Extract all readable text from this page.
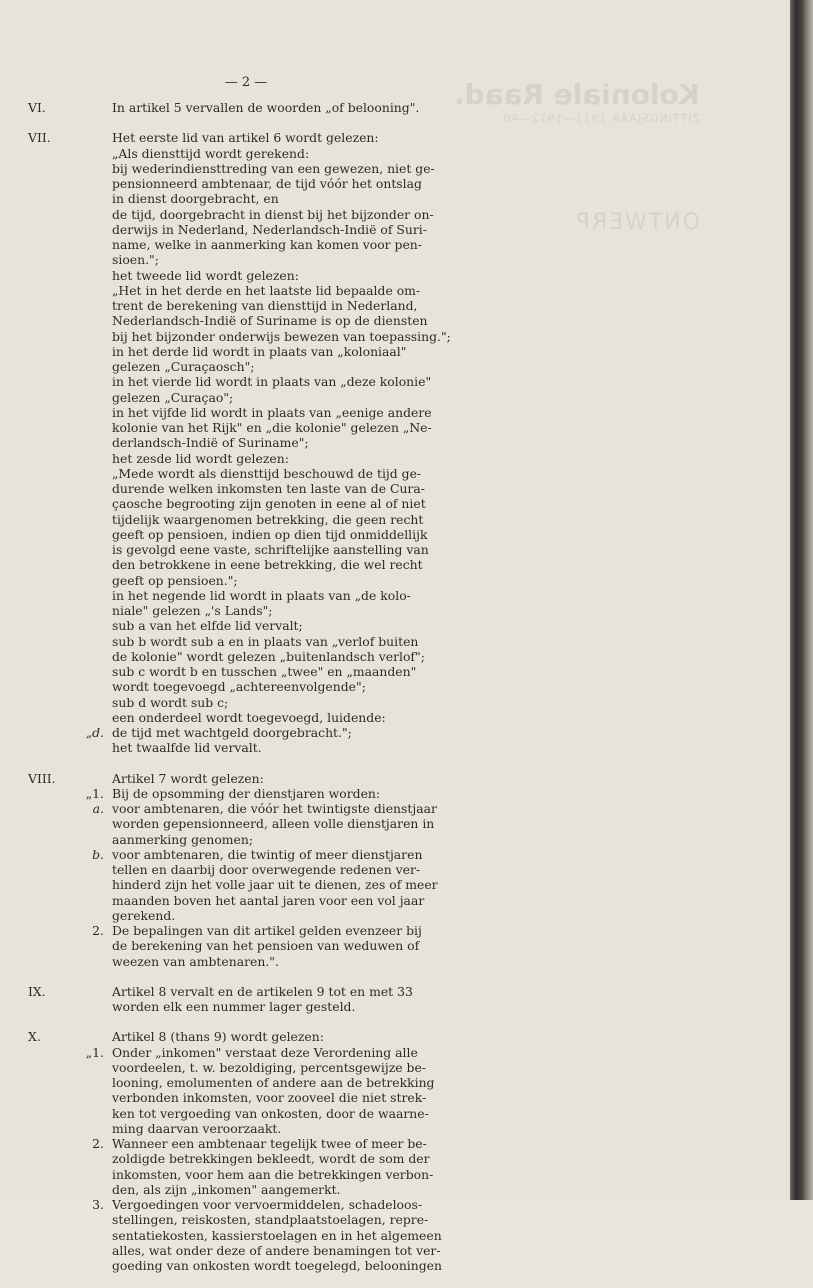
Koloniale Raad.
ZITTINGSJAAR 1911—1912—40.
ONTWERP
— 2 —
VI.	In artikel 5 vervallen de woorden „of belooning".
VII.	Het eerste lid van artikel 6 wordt gelezen:
„Als diensttijd wordt gerekend:
bij wederindiensttreding van een gewezen, niet ge-
pensionneerd ambtenaar, de tijd vóór het ontslag
in dienst doorgebracht, en
de tijd, doorgebracht in dienst bij het bijzonder on-
derwijs in Nederland, Nederlandsch-Indië of Suri-
name, welke in aanmerking kan komen voor pen-
sioen.";
het tweede lid wordt gelezen:
„Het in het derde en het laatste lid bepaalde om-
trent de berekening van diensttijd in Nederland,
Nederlandsch-Indië of Suriname is op de diensten
bij het bijzonder onderwijs bewezen van toepassing.";
in het derde lid wordt in plaats van „koloniaal"
gelezen „Curaçaosch";
in het vierde lid wordt in plaats van „deze kolonie"
gelezen „Curaçao";
in het vijfde lid wordt in plaats van „eenige andere
kolonie van het Rijk" en „die kolonie" gelezen „Ne-
derlandsch-Indië of Suriname";
het zesde lid wordt gelezen:
„Mede wordt als diensttijd beschouwd de tijd ge-
durende welken inkomsten ten laste van de Cura-
çaosche begrooting zijn genoten in eene al of niet
tijdelijk waargenomen betrekking, die geen recht
geeft op pensioen, indien op dien tijd onmiddellijk
is gevolgd eene vaste, schriftelijke aanstelling van
den betrokkene in eene betrekking, die wel recht
geeft op pensioen.";
in het negende lid wordt in plaats van „de kolo-
niale" gelezen „'s Lands";
sub a van het elfde lid vervalt;
sub b wordt sub a en in plaats van „verlof buiten
de kolonie" wordt gelezen „buitenlandsch verlof";
sub c wordt b en tusschen „twee" en „maanden"
wordt toegevoegd „achtereenvolgende";
sub d wordt sub c;
een onderdeel wordt toegevoegd, luidende:
„d. de tijd met wachtgeld doorgebracht.";
het twaalfde lid vervalt.
VIII.	Artikel 7 wordt gelezen:
„1. Bij de opsomming der dienstjaren worden:
a. voor ambtenaren, die vóór het twintigste dienstjaar
worden gepensionneerd, alleen volle dienstjaren in
aanmerking genomen;
b. voor ambtenaren, die twintig of meer dienstjaren
tellen en daarbij door overwegende redenen ver-
hinderd zijn het volle jaar uit te dienen, zes of meer
maanden boven het aantal jaren voor een vol jaar
gerekend.
2. De bepalingen van dit artikel gelden evenzeer bij
de berekening van het pensioen van weduwen of
weezen van ambtenaren.".
IX.	Artikel 8 vervalt en de artikelen 9 tot en met 33
worden elk een nummer lager gesteld.
X.	Artikel 8 (thans 9) wordt gelezen:
„1. Onder „inkomen" verstaat deze Verordening alle
voordeelen, t. w. bezoldiging, percentsgewijze be-
looning, emolumenten of andere aan de betrekking
verbonden inkomsten, voor zooveel die niet strek-
ken tot vergoeding van onkosten, door de waarne-
ming daarvan veroorzaakt.
2. Wanneer een ambtenaar tegelijk twee of meer be-
zoldigde betrekkingen bekleedt, wordt de som der
inkomsten, voor hem aan die betrekkingen verbon-
den, als zijn „inkomen" aangemerkt.
3. Vergoedingen voor vervoermiddelen, schadeloos-
stellingen, reiskosten, standplaatstoelagen, repre-
sentatiekosten, kassierstoelagen en in het algemeen
alles, wat onder deze of andere benamingen tot ver-
goeding van onkosten wordt toegelegd, belooningen
